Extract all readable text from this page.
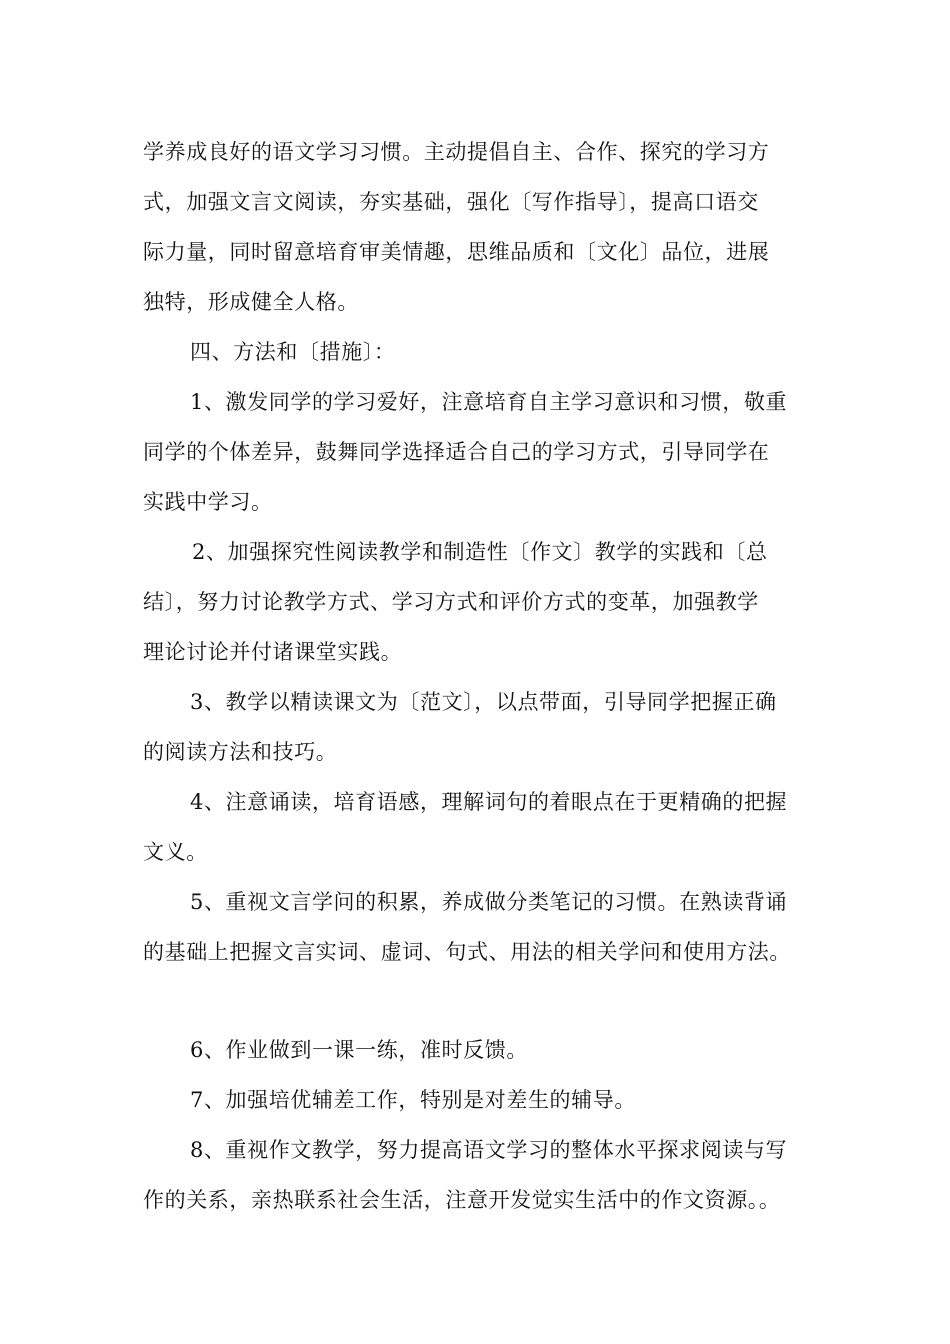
学养成良好的语文学习习惯。主动提倡自主、合作、探究的学习方
式，加强文言文阅读，夯实基础，强化〔写作指导〕，提高口语交
际力量，同时留意培育审美情趣，思维品质和〔文化〕品位，进展
独特，形成健全人格。
四、方法和〔措施〕：
1、激发同学的学习爱好，注意培育自主学习意识和习惯，敬重
同学的个体差异，鼓舞同学选择适合自己的学习方式，引导同学在
实践中学习。
2、加强探究性阅读教学和制造性〔作文〕教学的实践和〔总
结〕，努力讨论教学方式、学习方式和评价方式的变革，加强教学
理论讨论并付诸课堂实践。
3、教学以精读课文为〔范文〕，以点带面，引导同学把握正确
的阅读方法和技巧。
4、注意诵读，培育语感，理解词句的着眼点在于更精确的把握
文义。
5、重视文言学问的积累，养成做分类笔记的习惯。在熟读背诵
的基础上把握文言实词、虚词、句式、用法的相关学问和使用方法。
6、作业做到一课一练，准时反馈。
7、加强培优辅差工作，特别是对差生的辅导。
8、重视作文教学，努力提高语文学习的整体水平探求阅读与写
作的关系，亲热联系社会生活，注意开发觉实生活中的作文资源。。
